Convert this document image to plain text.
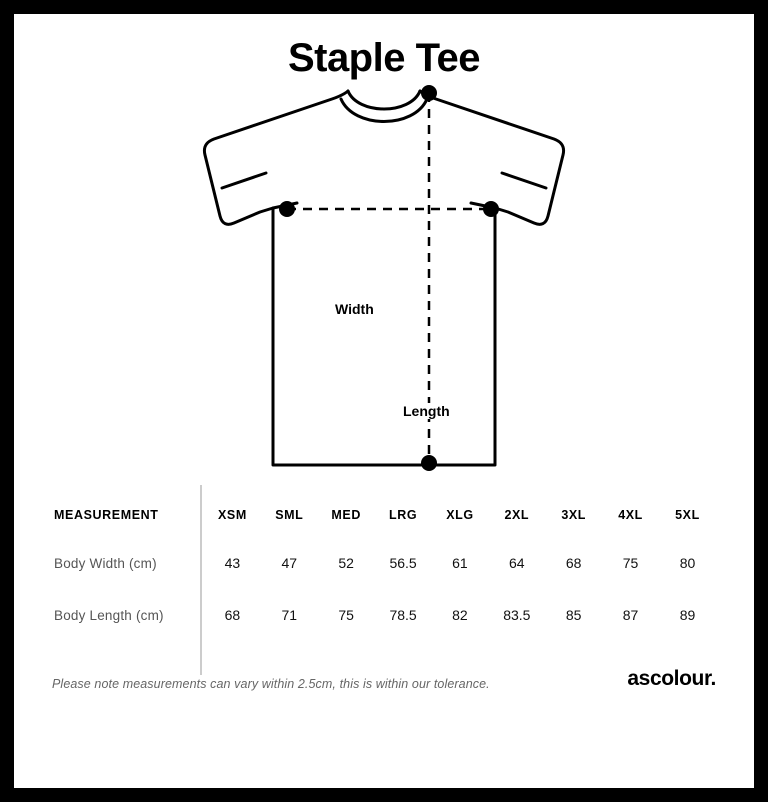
Staple Tee
Width
Length
MEASUREMENT	XSM	SML	MED	LRG	XLG	2XL	3XL	4XL	5XL
Body Width (cm)	43	47	52	56.5	61	64	68	75	80
Body Length (cm)	68	71	75	78.5	82	83.5	85	87	89
Please note measurements can vary within 2.5cm, this is within our tolerance.	ascolour.
